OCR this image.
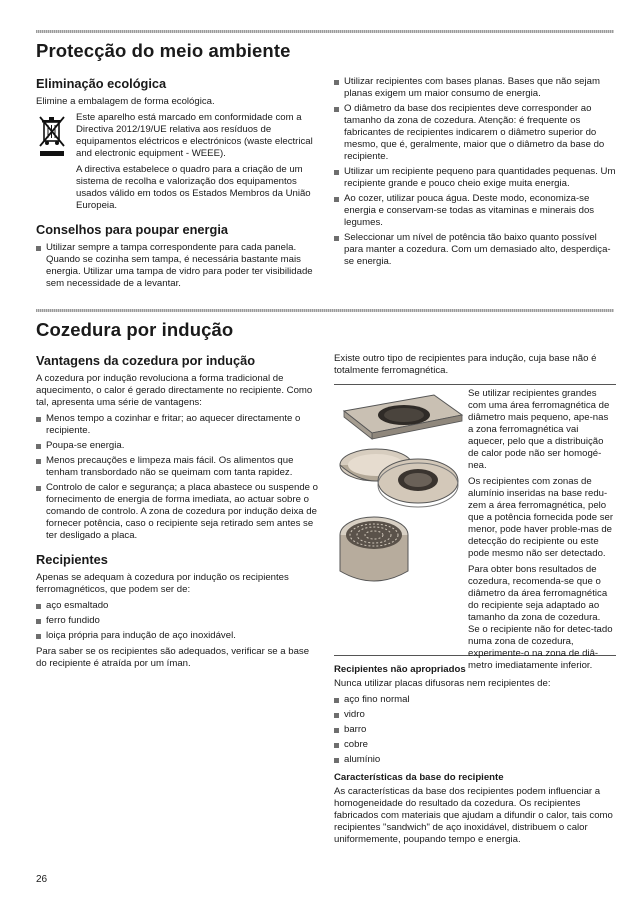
Protecção do meio ambiente
Eliminação ecológica

Elimine a embalagem de forma ecológica.

Este aparelho está marcado em conformidade com a Directiva 2012/19/UE relativa aos resíduos de equipamentos eléctricos e electrónicos (waste electrical and electronic equipment - WEEE).

A directiva estabelece o quadro para a criação de um sistema de recolha e valorização dos equipamentos usados válido em todos os Estados Membros da União Europeia.

Conselhos para poupar energia
Utilizar sempre a tampa correspondente para cada panela. Quando se cozinha sem tampa, é necessária bastante mais energia. Utilizar uma tampa de vidro para poder ter visibilidade sem necessidade de a levantar.
Utilizar recipientes com bases planas. Bases que não sejam planas exigem um maior consumo de energia.
O diâmetro da base dos recipientes deve corresponder ao tamanho da zona de cozedura. Atenção: é frequente os fabricantes de recipientes indicarem o diâmetro superior do mesmo, que é, geralmente, maior que o diâmetro da base do recipiente.
Utilizar um recipiente pequeno para quantidades pequenas. Um recipiente grande e pouco cheio exige muita energia.
Ao cozer, utilizar pouca água. Deste modo, economiza-se energia e conservam-se todas as vitaminas e minerais dos legumes.
Seleccionar um nível de potência tão baixo quanto possível para manter a cozedura. Com um demasiado alto, desperdiça-se energia.
Cozedura por indução
Vantagens da cozedura por indução

A cozedura por indução revoluciona a forma tradicional de aquecimento, o calor é gerado directamente no recipiente. Como tal, apresenta uma série de vantagens:

Menos tempo a cozinhar e fritar; ao aquecer directamente o recipiente.
Poupa-se energia.
Menos precauções e limpeza mais fácil. Os alimentos que tenham transbordado não se queimam com tanta rapidez.
Controlo de calor e segurança; a placa abastece ou suspende o fornecimento de energia de forma imediata, ao actuar sobre o comando de controlo. A zona de cozedura por indução deixa de fornecer potência, caso o recipiente seja retirado sem antes se ter desligado a placa.
Recipientes

Apenas se adequam à cozedura por indução os recipientes ferromagnéticos, que podem ser de:

aço esmaltado
ferro fundido
loiça própria para indução de aço inoxidável.

Para saber se os recipientes são adequados, verificar se a base do recipiente é atraída por um íman.

Existe outro tipo de recipientes para indução, cuja base não é totalmente ferromagnética.

Se utilizar recipientes grandes com uma área ferromagnética de diâmetro mais pequeno, ape-nas a zona ferromagnética vai aquecer, pelo que a distribuição de calor pode não ser homogé-nea.

Os recipientes com zonas de alumínio inseridas na base redu-zem a área ferromagnética, pelo que a potência fornecida pode ser menor, pode haver proble-mas de detecção do recipiente ou este pode mesmo não ser detectado.

Para obter bons resultados de cozedura, recomenda-se que o diâmetro da área ferromagnética do recipiente seja adaptado ao tamanho da zona de cozedura. Se o recipiente não for detec-tado numa zona de cozedura, experimente-o na zona de diâ-metro imediatamente inferior.

Recipientes não apropriados

Nunca utilizar placas difusoras nem recipientes de:

aço fino normal
vidro
barro
cobre
alumínio
Características da base do recipiente

As características da base dos recipientes podem influenciar a homogeneidade do resultado da cozedura. Os recipientes fabricados com materiais que ajudam a difundir o calor, tais como recipientes "sandwich" de aço inoxidável, distribuem o calor uniformemente, poupando tempo e energia.

26
